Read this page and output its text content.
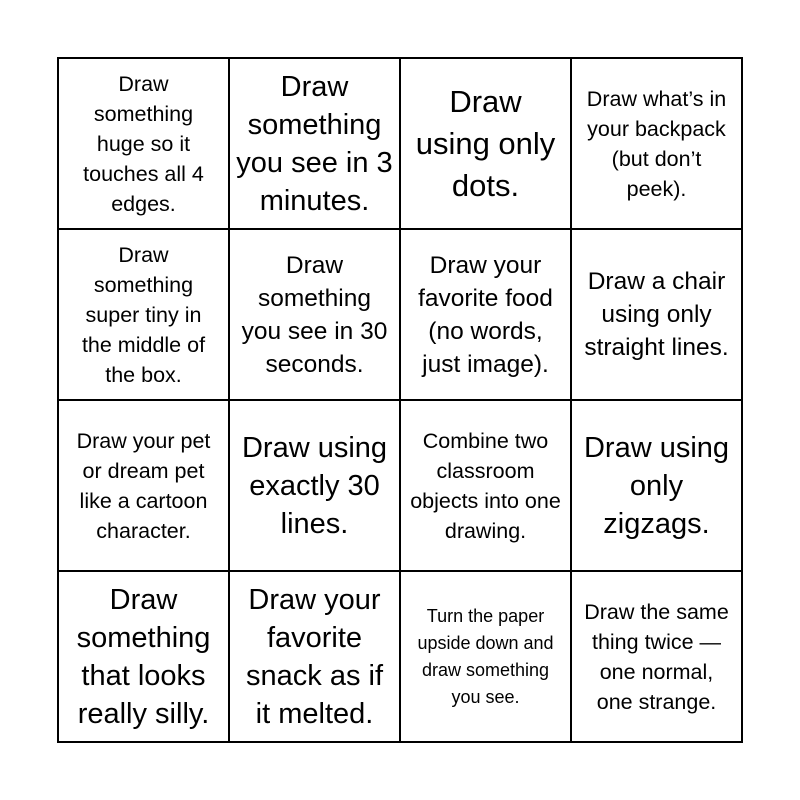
Draw something huge so it touches all 4 edges.
Draw something you see in 3 minutes.
Draw using only dots.
Draw what’s in your backpack (but don’t peek).
Draw something super tiny in the middle of the box.
Draw something you see in 30 seconds.
Draw your favorite food (no words, just image).
Draw a chair using only straight lines.
Draw your pet or dream pet like a cartoon character.
Draw using exactly 30 lines.
Combine two classroom objects into one drawing.
Draw using only zigzags.
Draw something that looks really silly.
Draw your favorite snack as if it melted.
Turn the paper upside down and draw something you see.
Draw the same thing twice — one normal, one strange.
